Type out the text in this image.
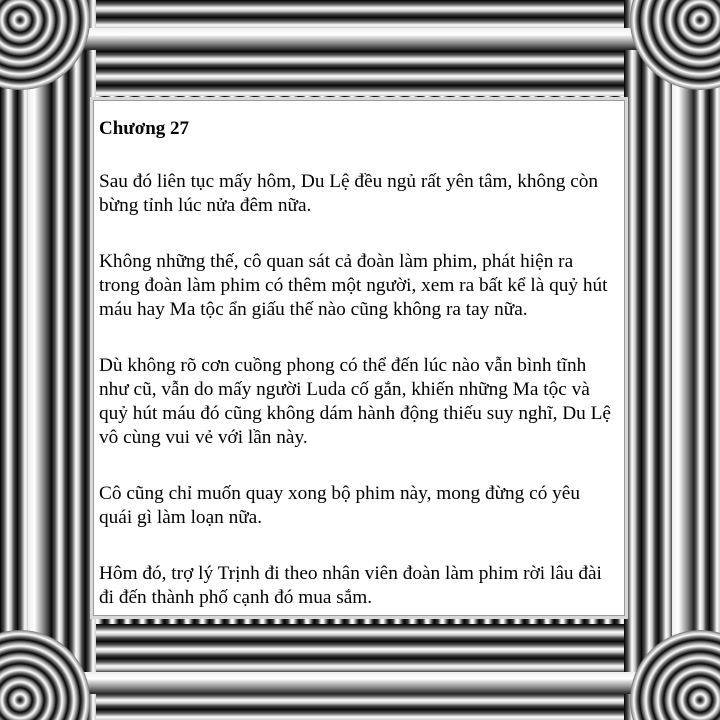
Chương 27

Sau đó liên tục mấy hôm, Du Lệ đều ngủ rất yên tâm, không còn bừng tỉnh lúc nửa đêm nữa.

Không những thế, cô quan sát cả đoàn làm phim, phát hiện ra trong đoàn làm phim có thêm một người, xem ra bất kể là quỷ hút máu hay Ma tộc ẩn giấu thế nào cũng không ra tay nữa.

Dù không rõ cơn cuồng phong có thể đến lúc nào vẫn bình tĩnh như cũ, vẫn do mấy người Luda cố gắn, khiến những Ma tộc và quỷ hút máu đó cũng không dám hành động thiếu suy nghĩ, Du Lệ vô cùng vui vẻ với lần này.

Cô cũng chỉ muốn quay xong bộ phim này, mong đừng có yêu quái gì làm loạn nữa.

Hôm đó, trợ lý Trịnh đi theo nhân viên đoàn làm phim rời lâu đài đi đến thành phố cạnh đó mua sắm.
